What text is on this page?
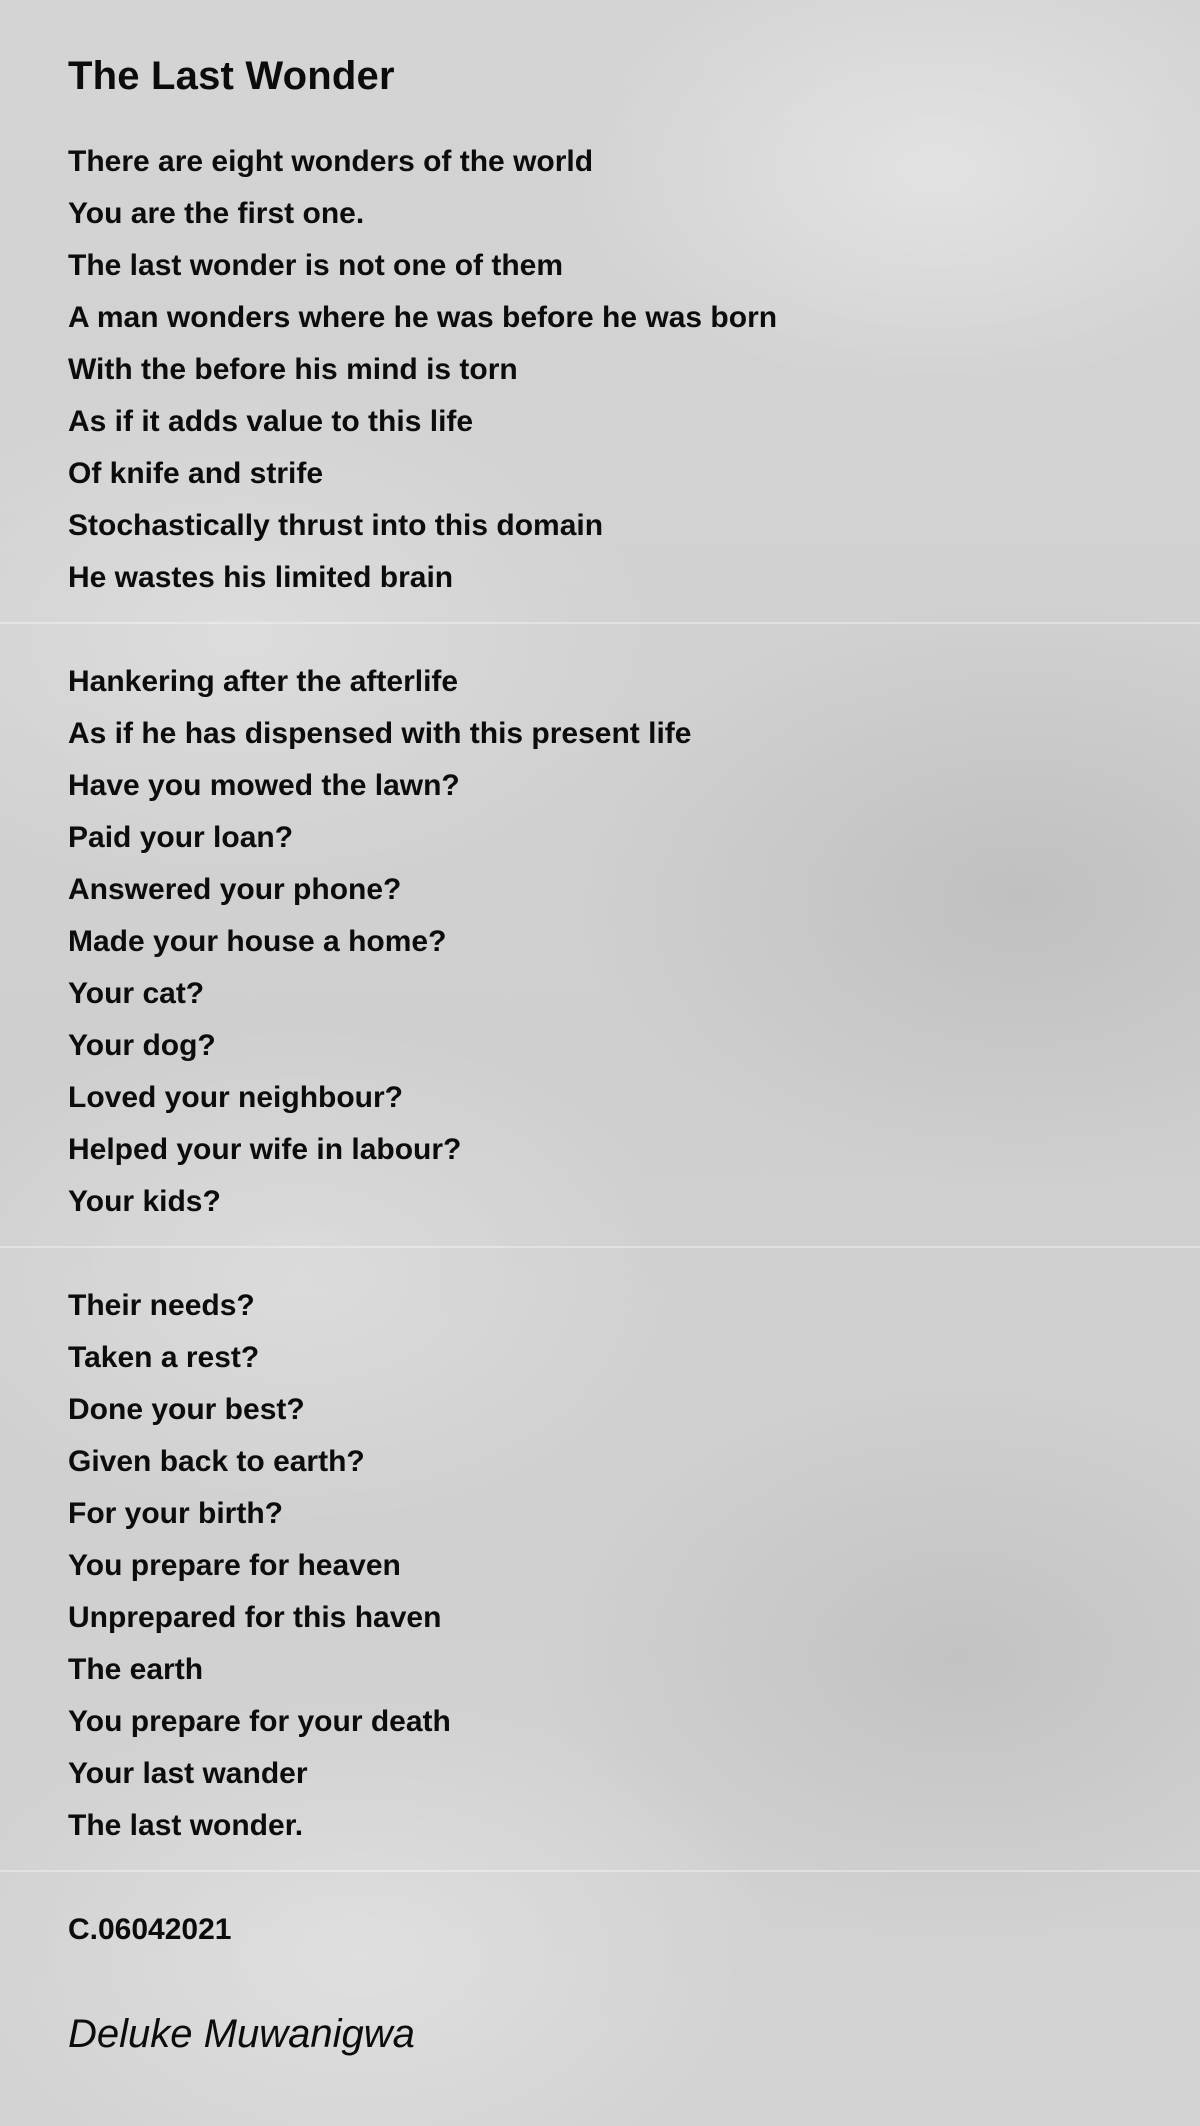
The Last Wonder
There are eight wonders of the world
You are the first one.
The last wonder is not one of them
A man wonders where he was before he was born
With the before his mind is torn
As if it adds value to this life
Of knife and strife
Stochastically thrust into this domain
He wastes his limited brain
Hankering after the afterlife
As if he has dispensed with this present life
Have you mowed the lawn?
Paid your loan?
Answered your phone?
Made your house a home?
Your cat?
Your dog?
Loved your neighbour?
Helped your wife in labour?
Your kids?
Their needs?
Taken a rest?
Done your best?
Given back to earth?
For your birth?
You prepare for heaven
Unprepared for this haven
The earth
You prepare for your death
Your last wander
The last wonder.
C.06042021
Deluke Muwanigwa
